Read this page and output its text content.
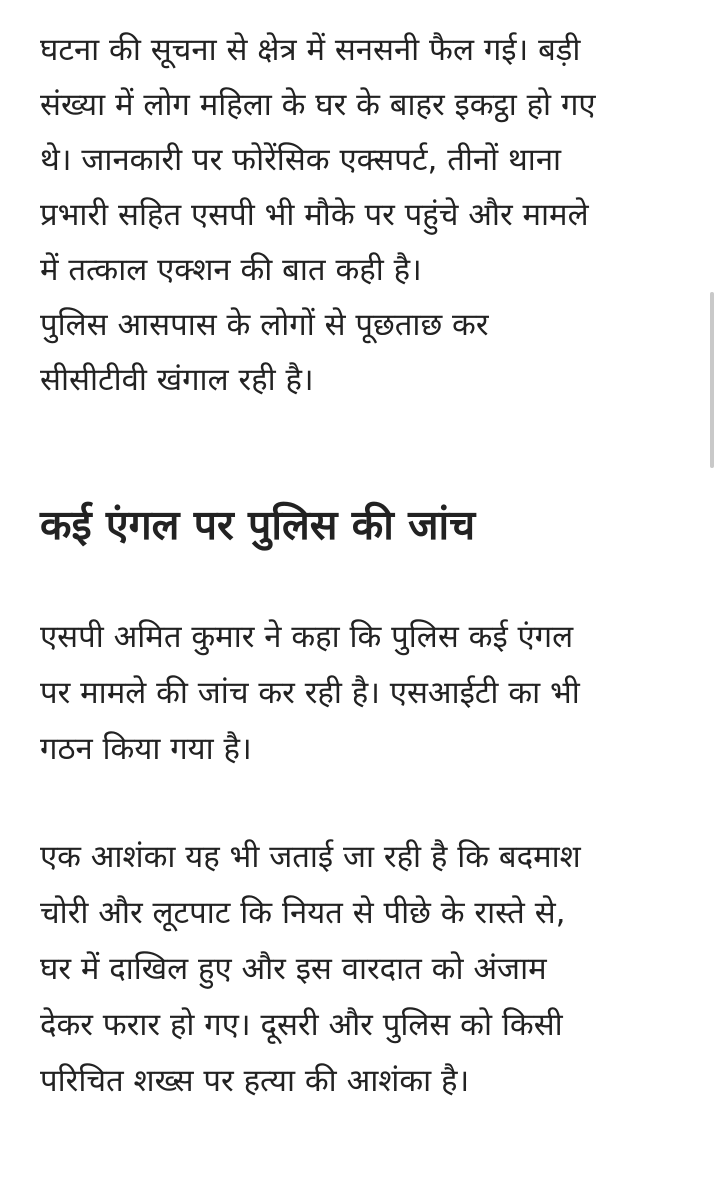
घटना की सूचना से क्षेत्र में सनसनी फैल गई। बड़ी
संख्या में लोग महिला के घर के बाहर इकट्ठा हो गए
थे। जानकारी पर फोरेंसिक एक्सपर्ट, तीनों थाना
प्रभारी सहित एसपी भी मौके पर पहुंचे और मामले
में तत्काल एक्शन की बात कही है।
पुलिस आसपास के लोगों से पूछताछ कर
सीसीटीवी खंगाल रही है।
कई एंगल पर पुलिस की जांच
एसपी अमित कुमार ने कहा कि पुलिस कई एंगल
पर मामले की जांच कर रही है। एसआईटी का भी
गठन किया गया है।
एक आशंका यह भी जताई जा रही है कि बदमाश
चोरी और लूटपाट कि नियत से पीछे के रास्ते से,
घर में दाखिल हुए और इस वारदात को अंजाम
देकर फरार हो गए। दूसरी और पुलिस को किसी
परिचित शख्स पर हत्या की आशंका है।
